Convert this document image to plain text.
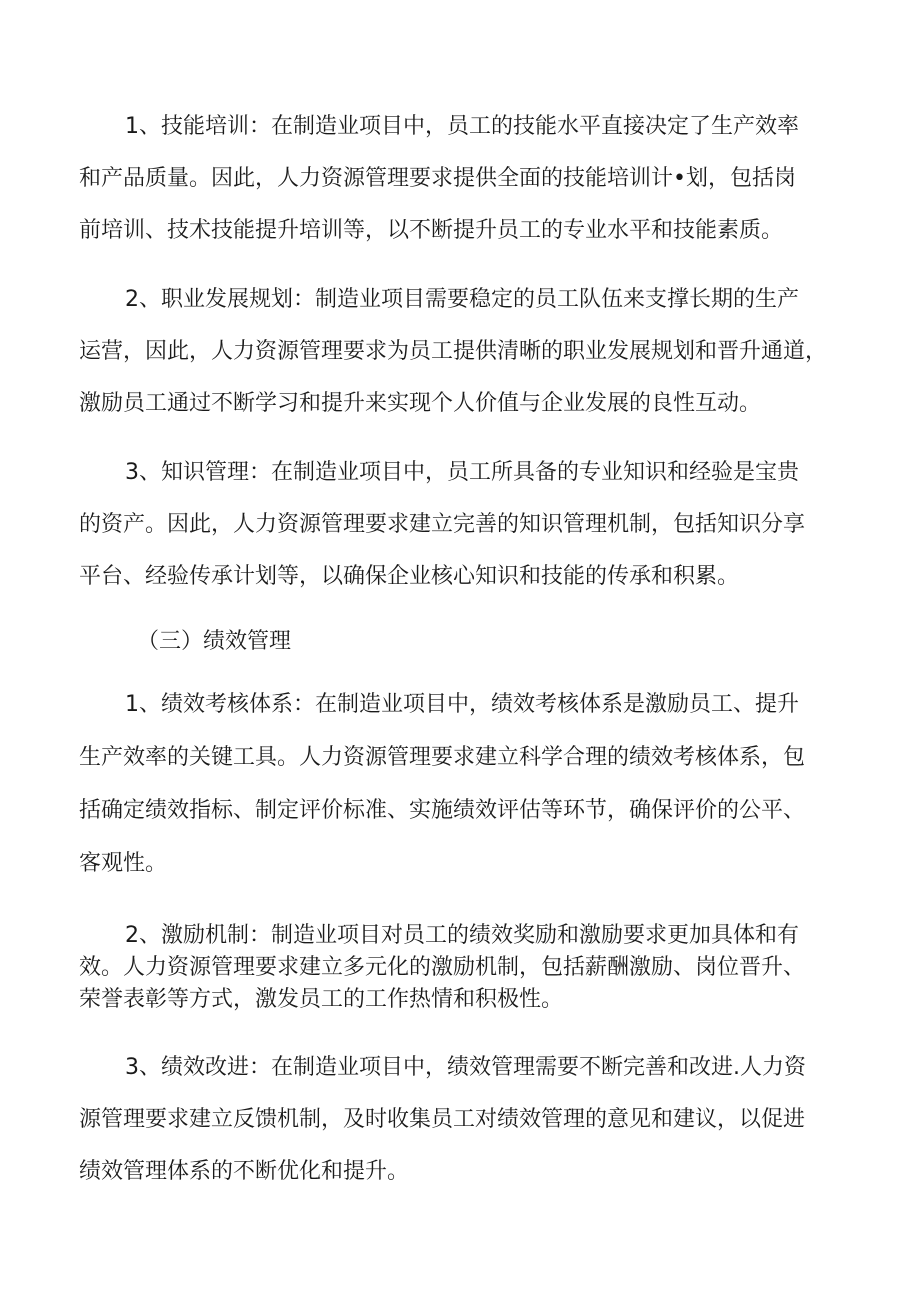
1、技能培训：在制造业项目中，员工的技能水平直接决定了生产效率
和产品质量。因此，人力资源管理要求提供全面的技能培训计•划，包括岗
前培训、技术技能提升培训等，以不断提升员工的专业水平和技能素质。
2、职业发展规划：制造业项目需要稳定的员工队伍来支撑长期的生产
运营，因此，人力资源管理要求为员工提供清晰的职业发展规划和晋升通道，
激励员工通过不断学习和提升来实现个人价值与企业发展的良性互动。
3、知识管理：在制造业项目中，员工所具备的专业知识和经验是宝贵
的资产。因此，人力资源管理要求建立完善的知识管理机制，包括知识分享
平台、经验传承计划等，以确保企业核心知识和技能的传承和积累。
（三）绩效管理
1、绩效考核体系：在制造业项目中，绩效考核体系是激励员工、提升
生产效率的关键工具。人力资源管理要求建立科学合理的绩效考核体系，包
括确定绩效指标、制定评价标准、实施绩效评估等环节，确保评价的公平、
客观性。
2、激励机制：制造业项目对员工的绩效奖励和激励要求更加具体和有
效。人力资源管理要求建立多元化的激励机制，包括薪酬激励、岗位晋升、
荣誉表彰等方式，激发员工的工作热情和积极性。
3、绩效改进：在制造业项目中，绩效管理需要不断完善和改进.人力资
源管理要求建立反馈机制，及时收集员工对绩效管理的意见和建议，以促进
绩效管理体系的不断优化和提升。
